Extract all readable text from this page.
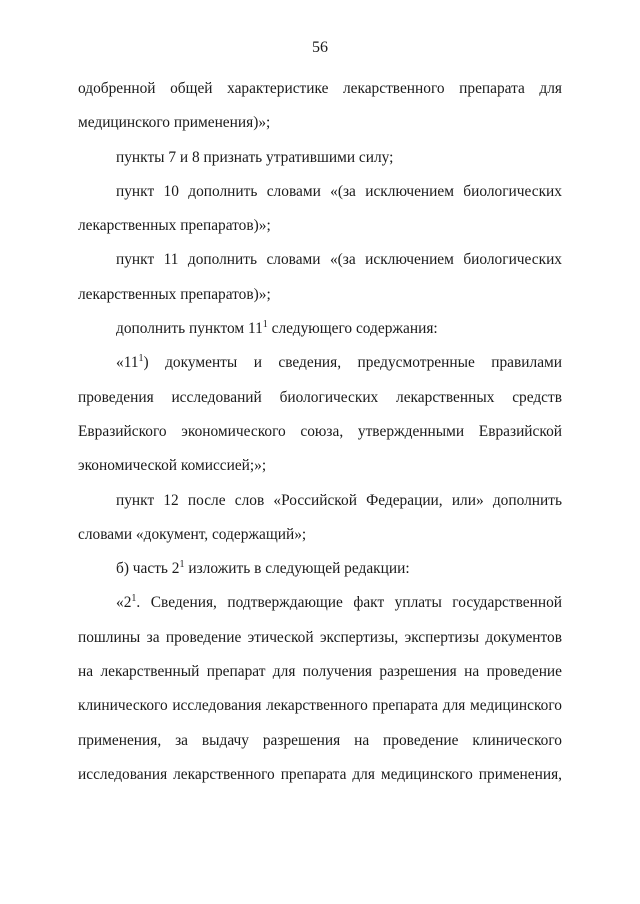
56

одобренной общей характеристике лекарственного препарата для медицинского применения)»;

пункты 7 и 8 признать утратившими силу;

пункт 10 дополнить словами «(за исключением биологических лекарственных препаратов)»;

пункт 11 дополнить словами «(за исключением биологических лекарственных препаратов)»;

дополнить пунктом $11^1$ следующего содержания:

«$11^1$) документы и сведения, предусмотренные правилами проведения исследований биологических лекарственных средств Евразийского экономического союза, утвержденными Евразийской экономической комиссией;»;

пункт 12 после слов «Российской Федерации, или» дополнить словами «документ, содержащий»;

б) часть $2^1$ изложить в следующей редакции:

«$2^1$. Сведения, подтверждающие факт уплаты государственной пошлины за проведение этической экспертизы, экспертизы документов на лекарственный препарат для получения разрешения на проведение клинического исследования лекарственного препарата для медицинского применения, за выдачу разрешения на проведение клинического исследования лекарственного препарата для медицинского применения,
